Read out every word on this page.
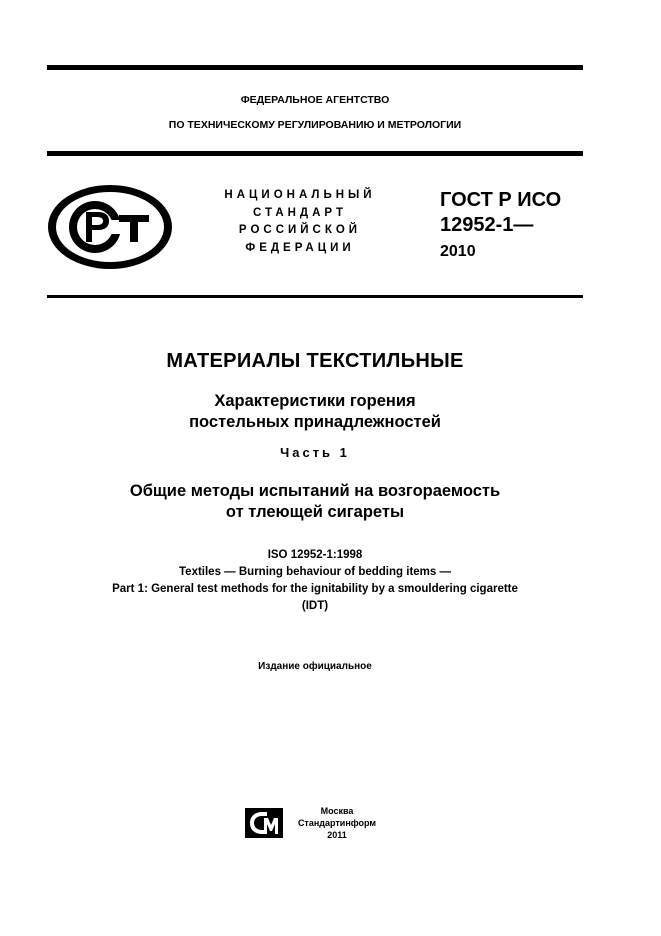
ФЕДЕРАЛЬНОЕ АГЕНТСТВО
ПО ТЕХНИЧЕСКОМУ РЕГУЛИРОВАНИЮ И МЕТРОЛОГИИ
НАЦИОНАЛЬНЫЙ
СТАНДАРТ
РОССИЙСКОЙ
ФЕДЕРАЦИИ
ГОСТ Р ИСО
12952-1—
2010
МАТЕРИАЛЫ ТЕКСТИЛЬНЫЕ
Характеристики горения
постельных принадлежностей
Часть 1
Общие методы испытаний на возгораемость
от тлеющей сигареты
ISO 12952-1:1998
Textiles — Burning behaviour of bedding items —
Part 1: General test methods for the ignitability by a smouldering cigarette
(IDT)
Издание официальное
Москва
Стандартинформ
2011
